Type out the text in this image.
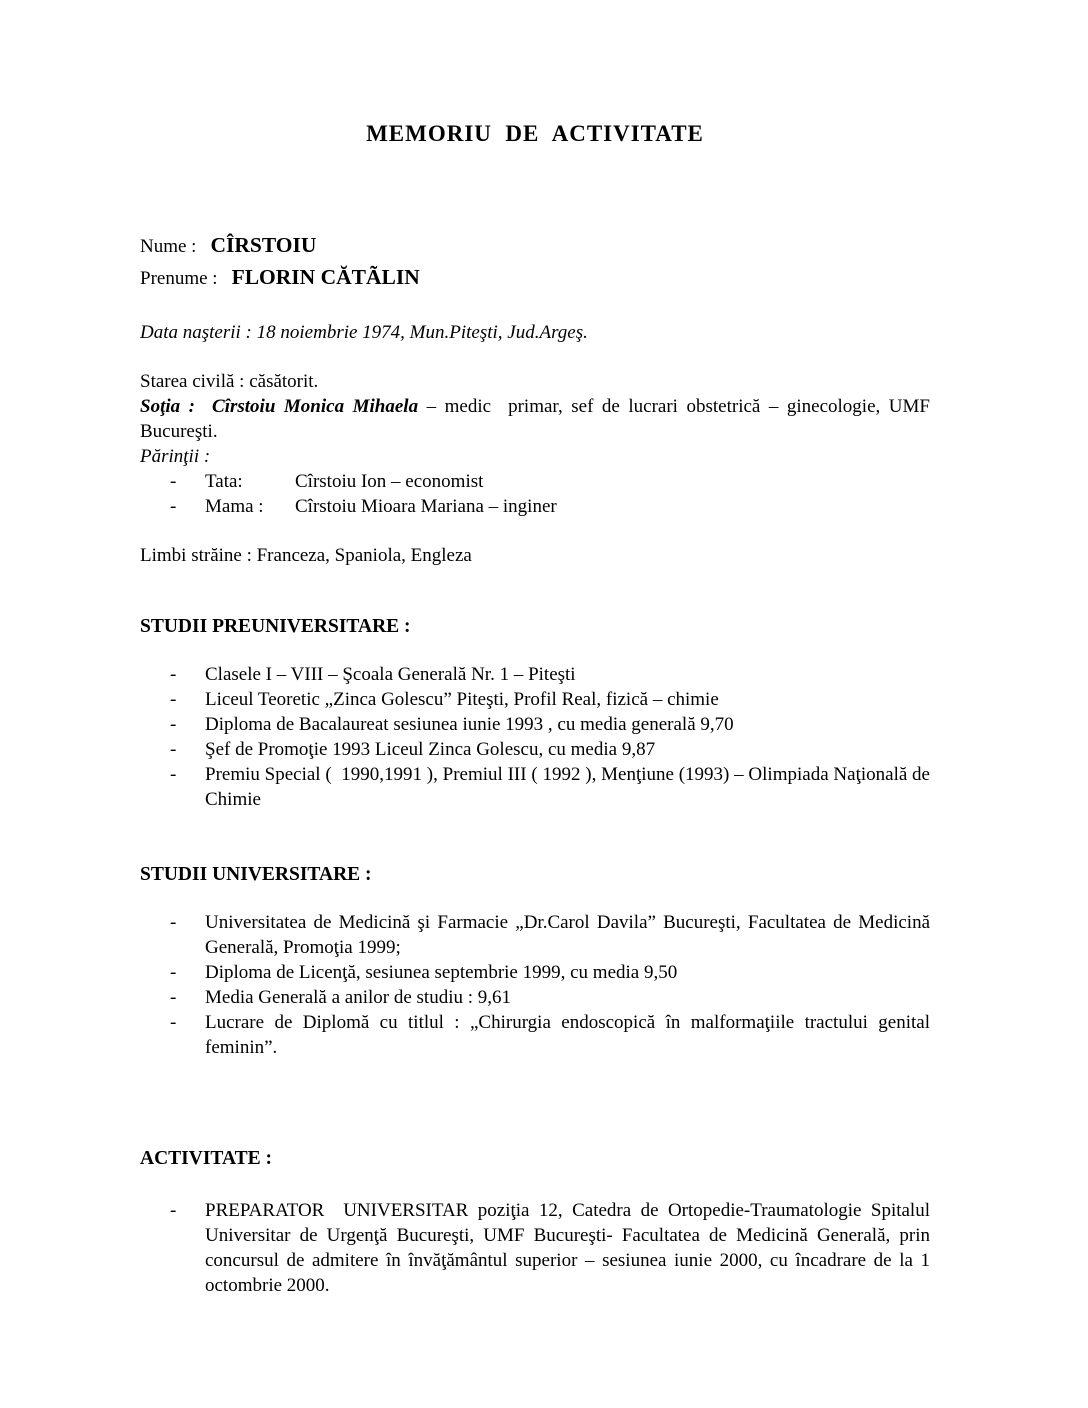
MEMORIU  DE  ACTIVITATE

Nume : CÎRSTOIU

Prenume : FLORIN CĂTÃLIN

Data naşterii : 18 noiembrie 1974, Mun.Piteşti, Jud.Argeş.

Starea civilă : căsătorit.

Soţia :  Cîrstoiu Monica Mihaela – medic  primar, sef de lucrari obstetrică – ginecologie, UMF Bucureşti.

Părinţii :

-
Tata:	Cîrstoiu Ion – economist
-
Mama :	Cîrstoiu Mioara Mariana – inginer

Limbi străine : Franceza, Spaniola, Engleza

STUDII PREUNIVERSITARE :
-
Clasele I – VIII – Şcoala Generală Nr. 1 – Piteşti
-
Liceul Teoretic „Zinca Golescu” Piteşti, Profil Real, fizică – chimie
-
Diploma de Bacalaureat sesiunea iunie 1993 , cu media generală 9,70
-
Şef de Promoţie 1993 Liceul Zinca Golescu, cu media 9,87
-
Premiu Special (  1990,1991 ), Premiul III ( 1992 ), Menţiune (1993) – Olimpiada Naţională de Chimie
STUDII UNIVERSITARE :
-
Universitatea de Medicină şi Farmacie „Dr.Carol Davila” Bucureşti, Facultatea de Medicină Generală, Promoţia 1999;
-
Diploma de Licenţă, sesiunea septembrie 1999, cu media 9,50
-
Media Generală a anilor de studiu : 9,61
-
Lucrare de Diplomă cu titlul : „Chirurgia endoscopică în malformaţiile tractului genital feminin”.
ACTIVITATE :
-
PREPARATOR  UNIVERSITAR poziţia 12, Catedra de Ortopedie-Traumatologie Spitalul Universitar de Urgenţă Bucureşti, UMF Bucureşti- Facultatea de Medicină Generală, prin concursul de admitere în învăţământul superior – sesiunea iunie 2000, cu încadrare de la 1 octombrie 2000.
